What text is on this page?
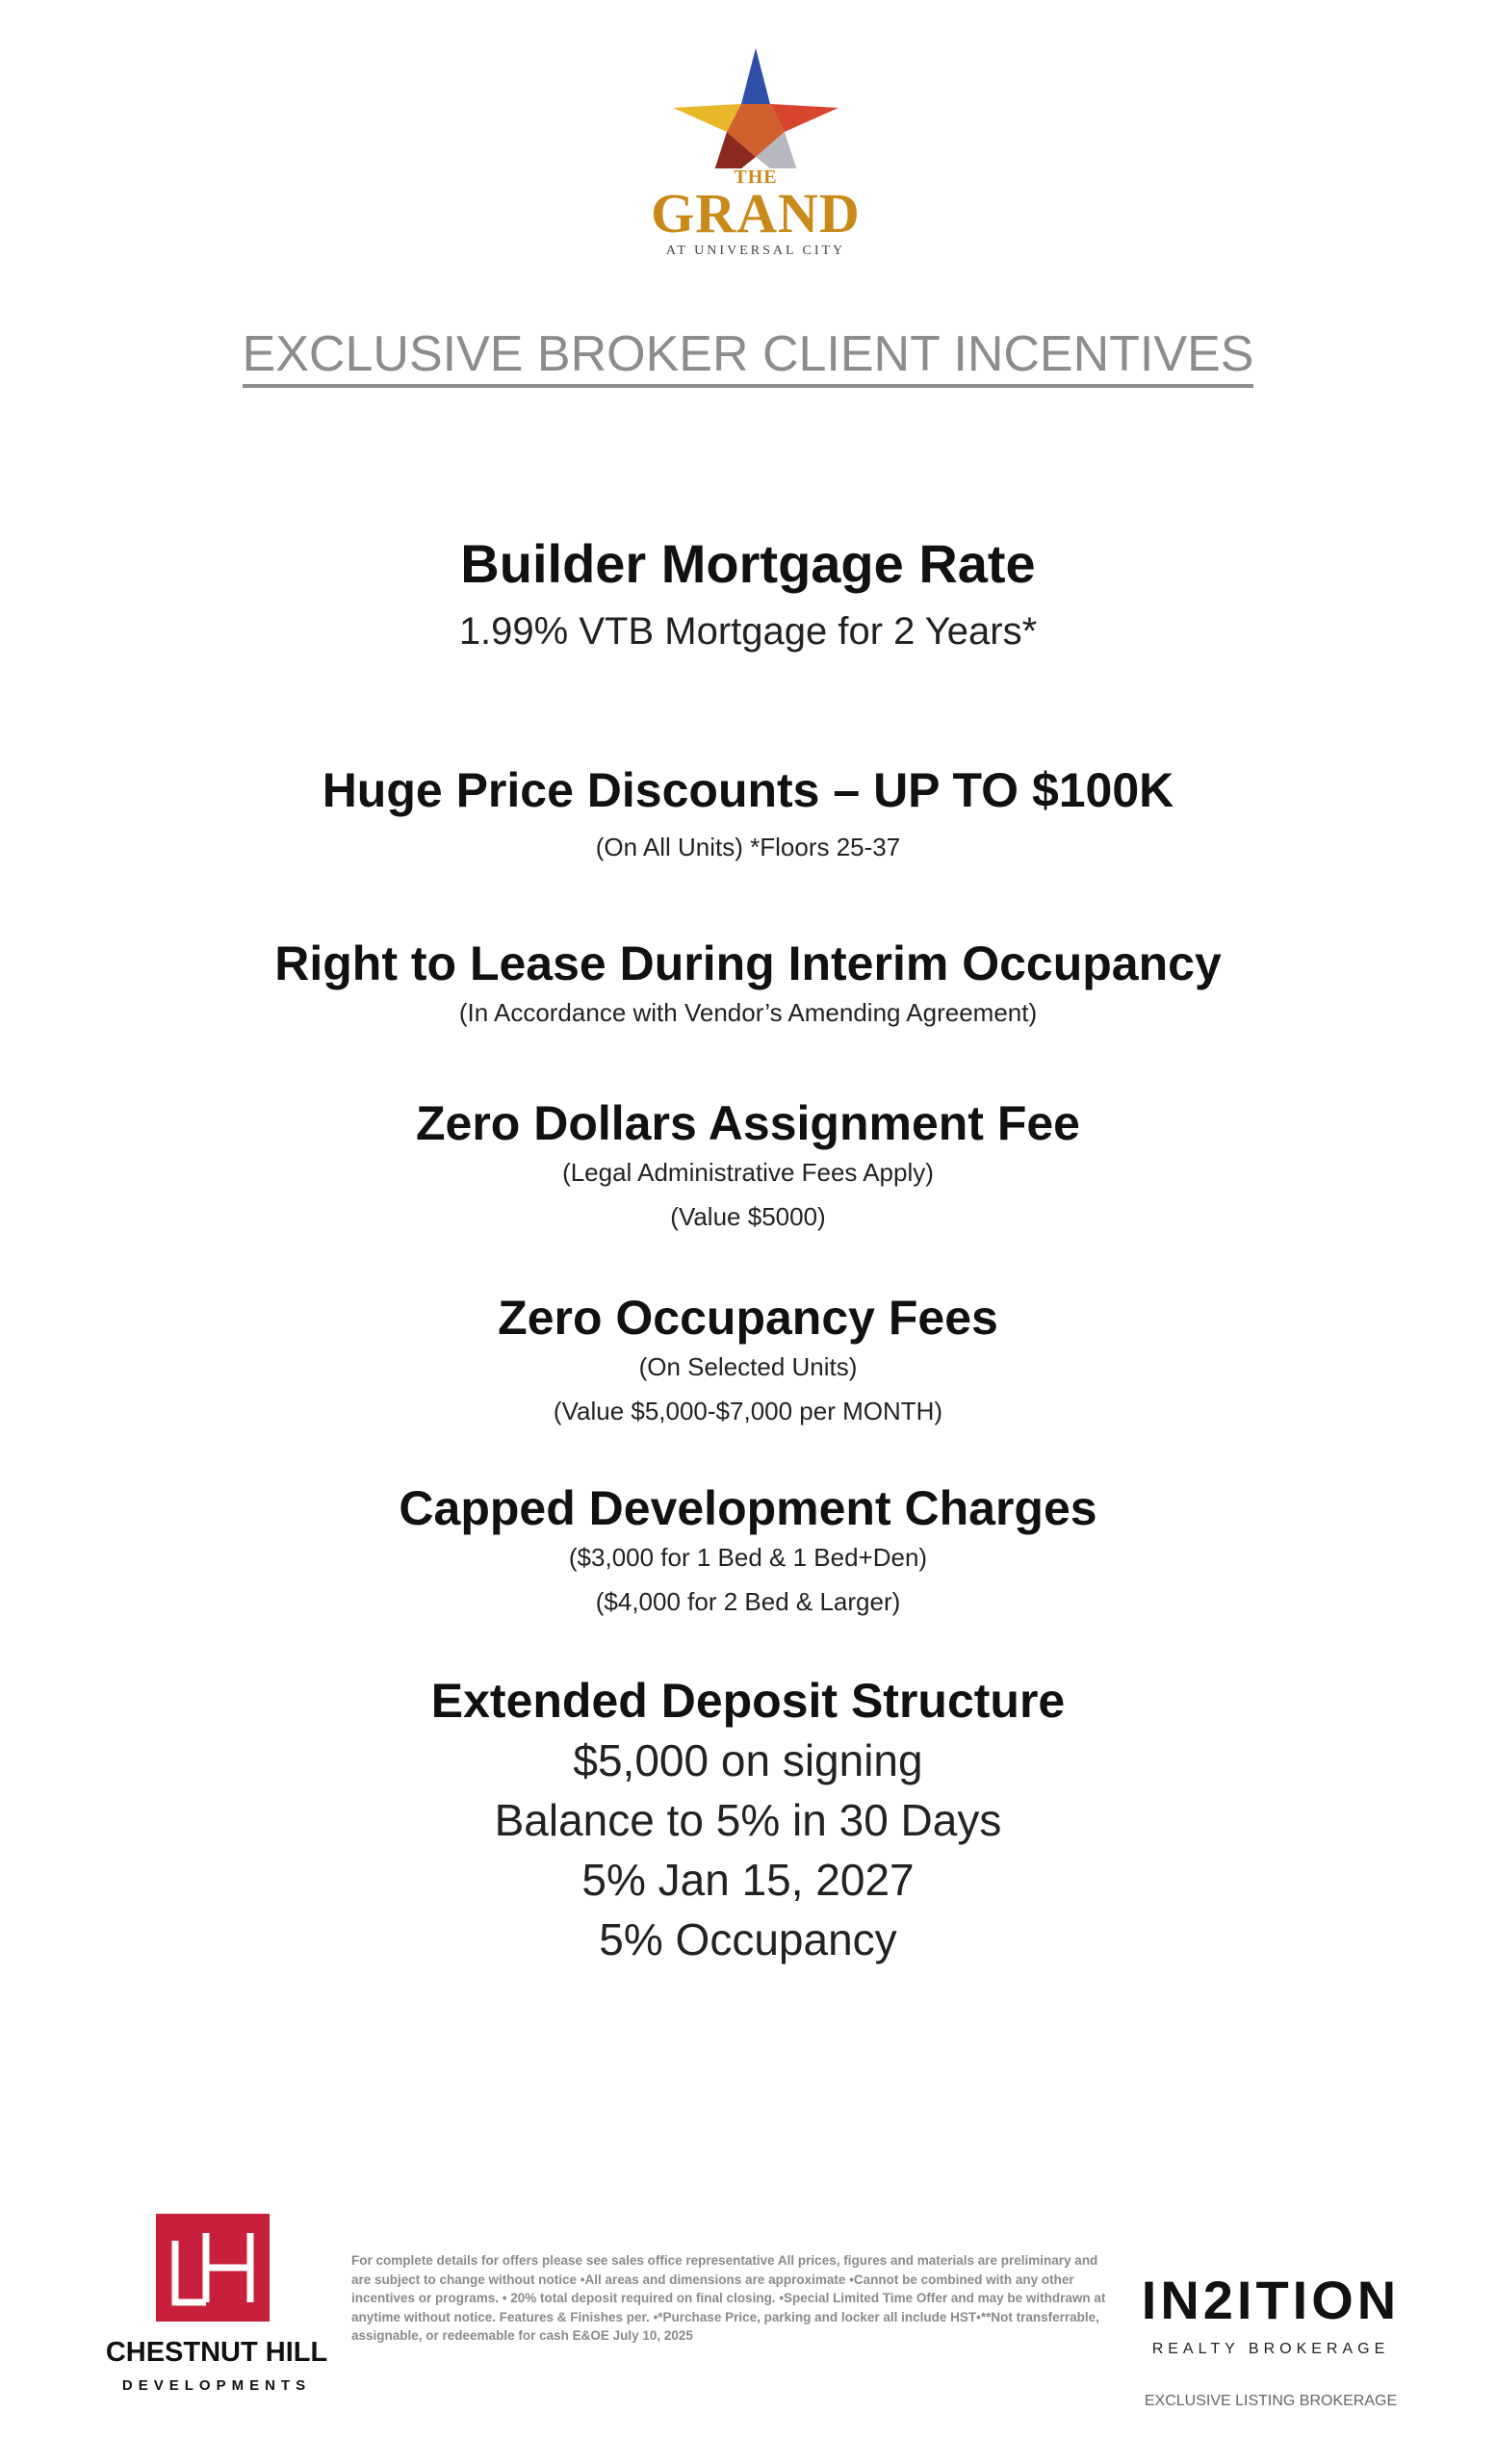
THE
GRAND
AT UNIVERSAL CITY
EXCLUSIVE BROKER CLIENT INCENTIVES
Builder Mortgage Rate
1.99% VTB Mortgage for 2 Years*
Huge Price Discounts – UP TO $100K
(On All Units) *Floors 25-37
Right to Lease During Interim Occupancy
(In Accordance with Vendor’s Amending Agreement)
Zero Dollars Assignment Fee
(Legal Administrative Fees Apply)
(Value $5000)
Zero Occupancy Fees
(On Selected Units)
(Value $5,000-$7,000 per MONTH)
Capped Development Charges
($3,000 for 1 Bed & 1 Bed+Den)
($4,000 for 2 Bed & Larger)
Extended Deposit Structure
$5,000 on signing
Balance to 5% in 30 Days
5% Jan 15, 2027
5% Occupancy
CHESTNUT HILL
DEVELOPMENTS
For complete details for offers please see sales office representative All prices, figures and materials are preliminary and are subject to change without notice •All areas and dimensions are approximate •Cannot be combined with any other incentives or programs. • 20% total deposit required on final closing. •Special Limited Time Offer and may be withdrawn at anytime without notice. Features & Finishes per. •*Purchase Price, parking and locker all include HST•**Not transferrable, assignable, or redeemable for cash E&OE July 10, 2025
IN2ITION
REALTY BROKERAGE
EXCLUSIVE LISTING BROKERAGE
